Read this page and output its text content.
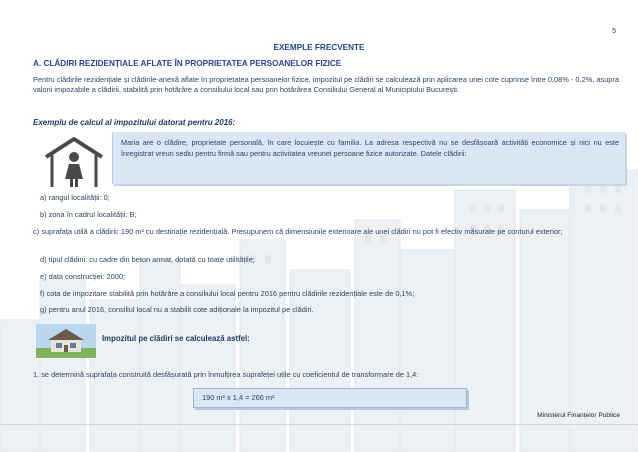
5
EXEMPLE FRECVENTE
A. CLĂDIRI REZIDENȚIALE AFLATE ÎN PROPRIETATEA PERSOANELOR FIZICE
Pentru clădirile rezidențiale și clădirile-anexă aflate în proprietatea persoanelor fizice, impozitul pe clădiri se calculează prin aplicarea unei cote cuprinse între 0,08% - 0,2%, asupra valorii impozabile a clădirii, stabilită prin hotărâre a consiliului local sau prin hotărârea Consiliului General al Municipiului București.
Exemplu de calcul al impozitului datorat pentru 2016:
Maria are o clădire, proprietate personală, în care locuiește cu familia. La adresa respectivă nu se desfășoară activități economice și nici nu este înregistrat vreun sediu pentru firmă sau pentru activitatea vreunei persoane fizice autorizate. Datele clădirii:
a) rangul localității: 0;
b) zona în cadrul localității: B;
c) suprafața utilă a clădirii: 190 m² cu destinație rezidențială. Presupunem că dimensiunile exterioare ale unei clădiri nu pot fi efectiv măsurate pe conturul exterior;
d) tipul clădirii: cu cadre din beton armat, dotată cu toate utilitățile;
e) data construcției: 2000;
f) cota de impozitare stabilită prin hotărâre a consiliului local pentru 2016 pentru clădirile rezidențiale este de 0,1%;
g) pentru anul 2016, consiliul local nu a stabilit cote adiționale la impozitul pe clădiri.
Impozitul pe clădiri se calculează astfel:
1. se determină suprafața construită desfășurată prin înmulțirea suprafeței utile cu coeficientul de transformare de 1,4:
190 m² x 1,4 = 266 m²
Ministerul Finanțelor Publice
